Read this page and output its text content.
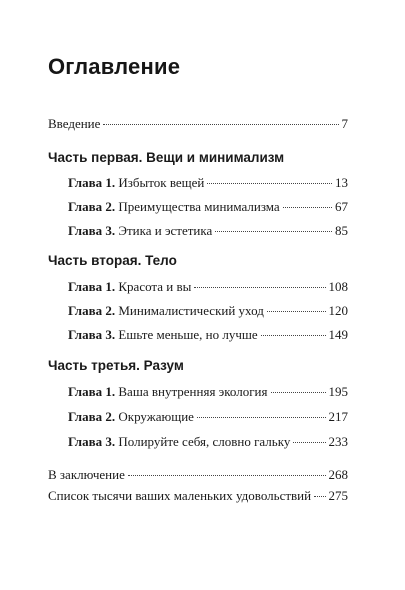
Оглавление
Введение	7
Часть первая. Вещи и минимализм
Глава 1. Избыток вещей	13
Глава 2. Преимущества минимализма	67
Глава 3. Этика и эстетика	85
Часть вторая. Тело
Глава 1. Красота и вы	108
Глава 2. Минималистический уход	120
Глава 3. Ешьте меньше, но лучше	149
Часть третья. Разум
Глава 1. Ваша внутренняя экология	195
Глава 2. Окружающие	217
Глава 3. Полируйте себя, словно гальку	233
В заключение	268
Список тысячи ваших маленьких удовольствий 275
